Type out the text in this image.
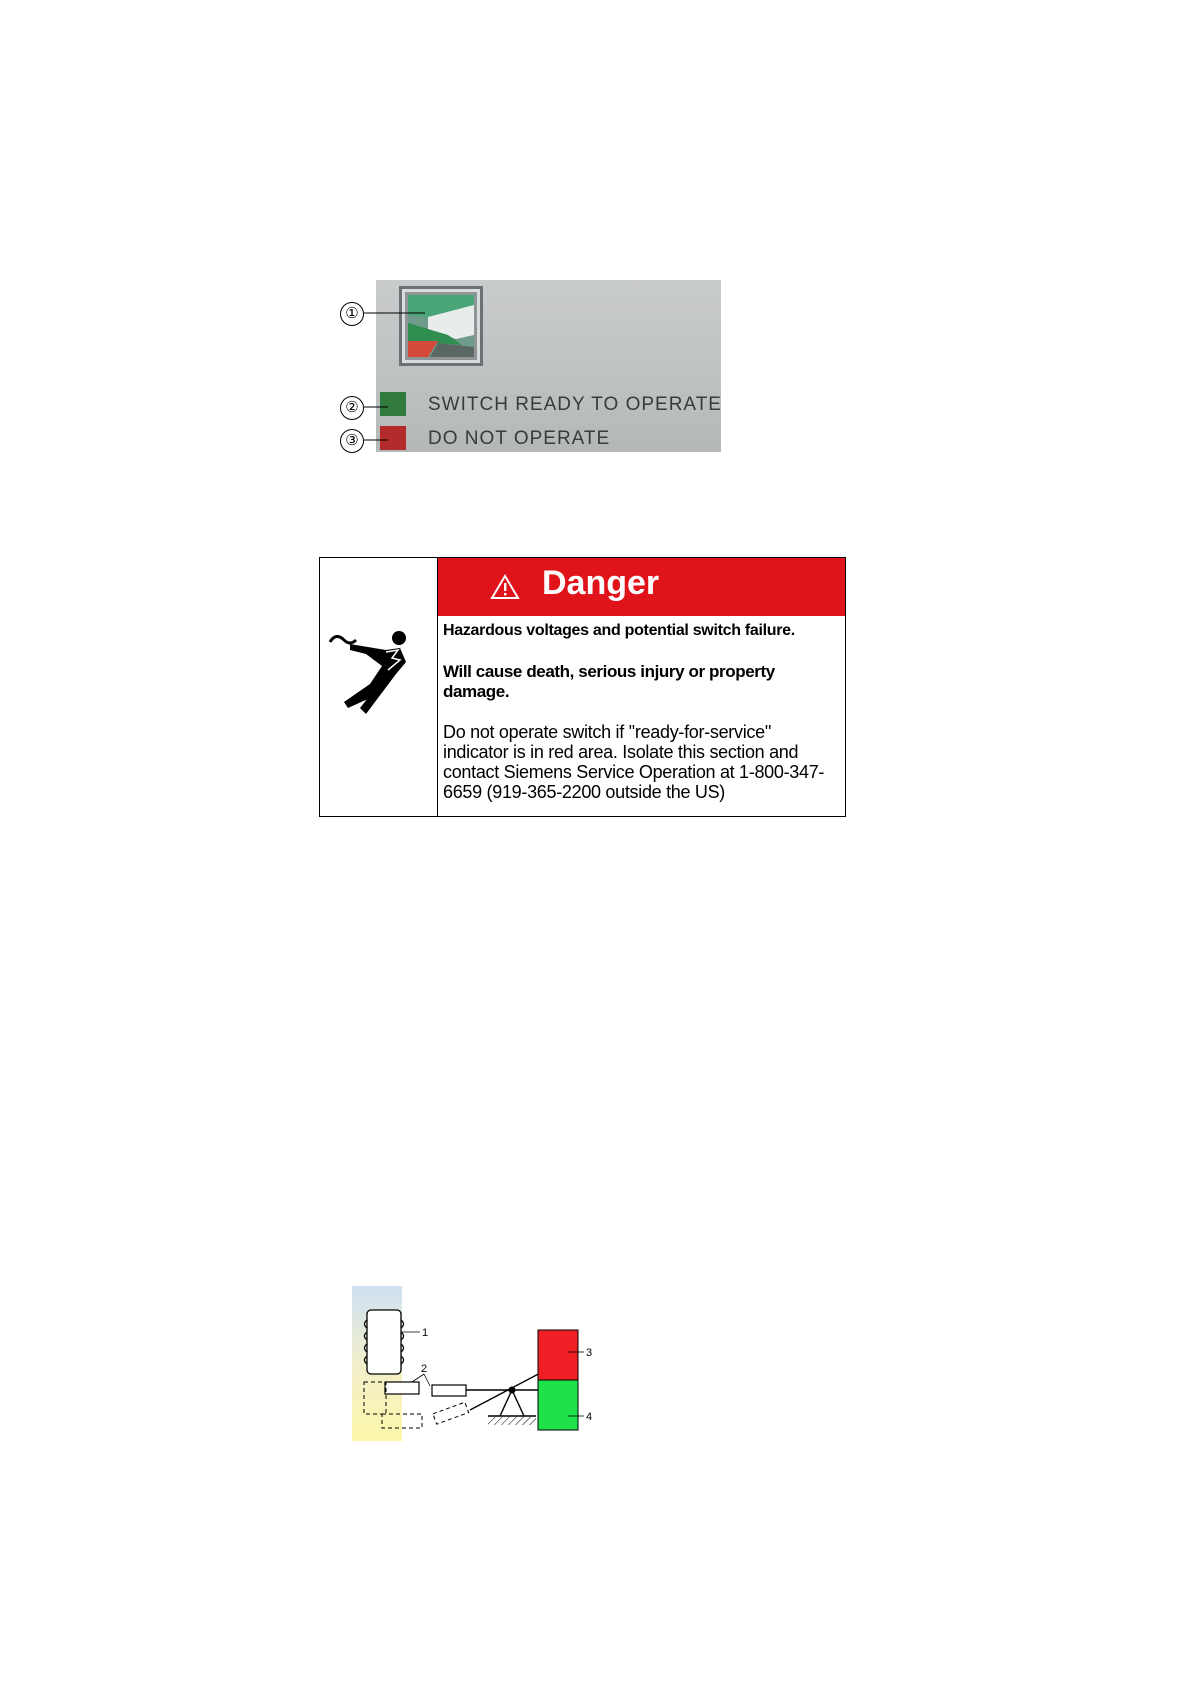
SWITCH READY TO OPERATE
DO NOT OPERATE
①
②
③
Danger
Hazardous voltages and potential switch failure.
Will cause death, serious injury or property damage.
Do not operate switch if ''ready-for-service'' indicator is in red area. Isolate this section and contact Siemens Service Operation at 1-800-347-6659 (919-365-2200 outside the US)
1
2
3
4
